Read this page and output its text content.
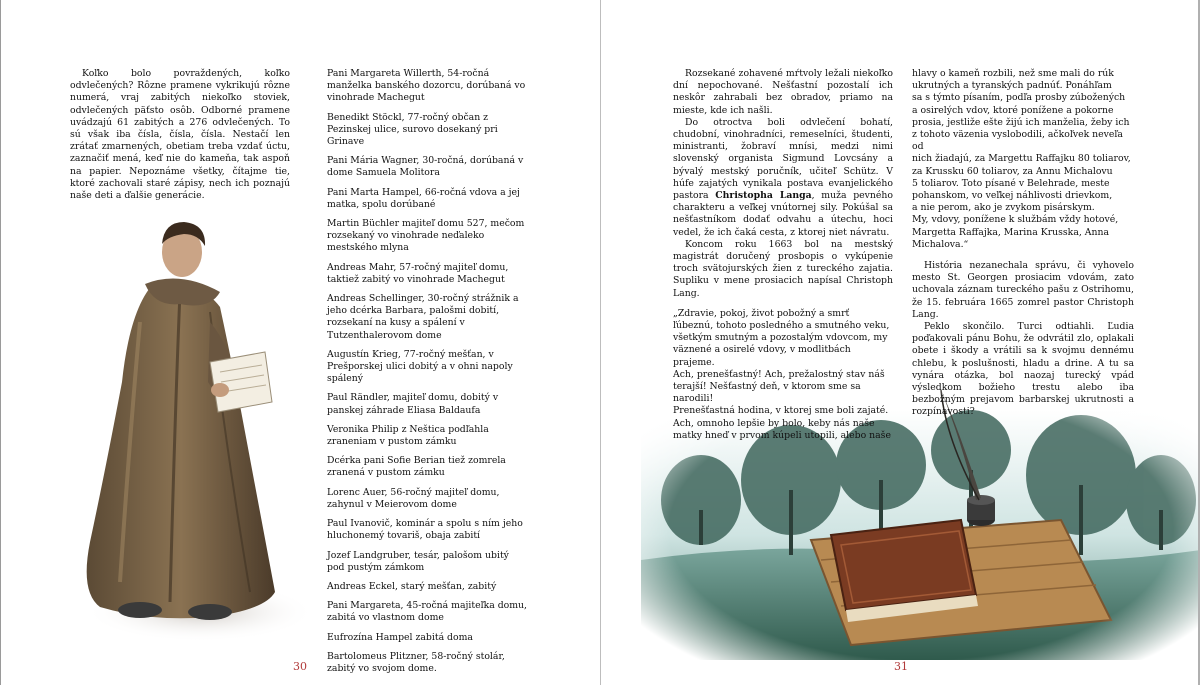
Koľko bolo povraždených, koľko odvlečených? Rôzne pramene vykrikujú rôzne numerá, vraj zabitých niekoľko stoviek, odvlečených päťsto osôb. Odborné pramene uvádzajú 61 zabitých a 276 odvlečených. To sú však iba čísla, čísla, čísla. Nestačí len zrátať zmarnených, obetiam treba vzdať úctu, zaznačiť mená, keď nie do kameňa, tak aspoň na papier. Nepoznáme všetky, čítajme tie, ktoré zachovali staré zápisy, nech ich poznajú naše deti a ďalšie generácie.

Pani Margareta Willerth, 54-ročná manželka banského dozorcu, dorúbaná vo vinohrade Machegut
Benedikt Stöckl, 77-ročný občan z Pezinskej ulice, surovo dosekaný pri Grinave
Pani Mária Wagner, 30-ročná, dorúbaná v dome Samuela Molitora
Pani Marta Hampel, 66-ročná vdova a jej matka, spolu dorúbané
Martin Büchler majiteľ domu 527, mečom rozsekaný vo vinohrade neďaleko mestského mlyna
Andreas Mahr, 57-ročný majiteľ domu, taktiež zabitý vo vinohrade Machegut
Andreas Schellinger, 30-ročný strážnik a jeho dcérka Barbara, palošmi dobití, rozsekaní na kusy a spálení v Tutzenthalerovom dome
Augustín Krieg, 77-ročný mešťan, v Prešporskej ulici dobitý a v ohni napoly spálený
Paul Rändler, majiteľ domu, dobitý v panskej záhrade Eliasa Baldaufa
Veronika Philip z Neštica podľahla zraneniam v pustom zámku
Dcérka pani Sofie Berian tiež zomrela zranená v pustom zámku
Lorenc Auer, 56-ročný majiteľ domu, zahynul v Meierovom dome
Paul Ivanovič, kominár a spolu s ním jeho hluchonemý tovariš, obaja zabití
Jozef Landgruber, tesár, palošom ubitý pod pustým zámkom
Andreas Eckel, starý mešťan, zabitý
Pani Margareta, 45-ročná majiteľka domu, zabitá vo vlastnom dome
Eufrozína Hampel zabitá doma
Bartolomeus Plitzner, 58-ročný stolár, zabitý vo svojom dome.
30

Rozsekané zohavené mŕtvoly ležali niekoľko dní nepochované. Nešťastní pozostalí ich neskôr zahrabali bez obradov, priamo na mieste, kde ich našli.

Do otroctva boli odvlečení bohatí, chudobní, vinohradníci, remeselníci, študenti, ministranti, žobraví mnísi, medzi nimi slovenský organista Sigmund Lovcsány a bývalý mestský poručník, učiteľ Schütz. V húfe zajatých vynikala postava evanjelického pastora Christopha Langa, muža pevného charakteru a veľkej vnútornej sily. Pokúšal sa nešťastníkom dodať odvahu a útechu, hoci vedel, že ich čaká cesta, z ktorej niet návratu.

Koncom roku 1663 bol na mestský magistrát doručený prosbopis o vykúpenie troch svätojurských žien z tureckého zajatia. Supliku v mene prosiacich napísal Christoph Lang.

„Zdravie, pokoj, život pobožný a smrť

ľúbeznú, tohoto posledného a smutného veku,

všetkým smutným a pozostalým vdovcom, my

väznené a osirelé vdovy, v modlitbách prajeme.

Ach, prenešťastný! Ach, prežalostný stav náš

terajší! Nešťastný deň, v ktorom sme sa narodili!

Prenešťastná hodina, v ktorej sme boli zajaté.

Ach, omnoho lepšie by bolo, keby nás naše

matky hneď v prvom kúpeli utopili, alebo naše

hlavy o kameň rozbili, než sme mali do rúk
ukrutných a tyranských padnúť. Ponáhľam
sa s týmto písaním, podľa prosby zúbožených
a osirelých vdov, ktoré ponížene a pokorne
prosia, jestliže ešte žijú ich manželia, žeby ich
z tohoto väzenia vyslobodili, ačkoľvek neveľa od
nich žiadajú, za Margettu Raffajku 80 toliarov,
za Krussku 60 toliarov, za Annu Michalovu
5 toliarov. Toto písané v Belehrade, meste
pohanskom, vo veľkej náhlivosti drievkom,
a nie perom, ako je zvykom pisárskym.
My, vdovy, ponížene k službám vždy hotové,
Margetta Raffajka, Marina Krusska, Anna
Michalova.“

História nezanechala správu, či vyhovelo mesto St. Georgen prosiacim vdovám, zato uchovala záznam tureckého pašu z Ostrihomu, že 15. februára 1665 zomrel pastor Christoph Lang.

Peklo skončilo. Turci odtiahli. Ľudia poďakovali pánu Bohu, že odvrátil zlo, oplakali obete i škody a vrátili sa k svojmu dennému chlebu, k poslušnosti, hladu a drine. A tu sa vynára otázka, bol naozaj turecký vpád výsledkom božieho trestu alebo iba bezbožným prejavom barbarskej ukrutnosti a rozpínavosti?

31
